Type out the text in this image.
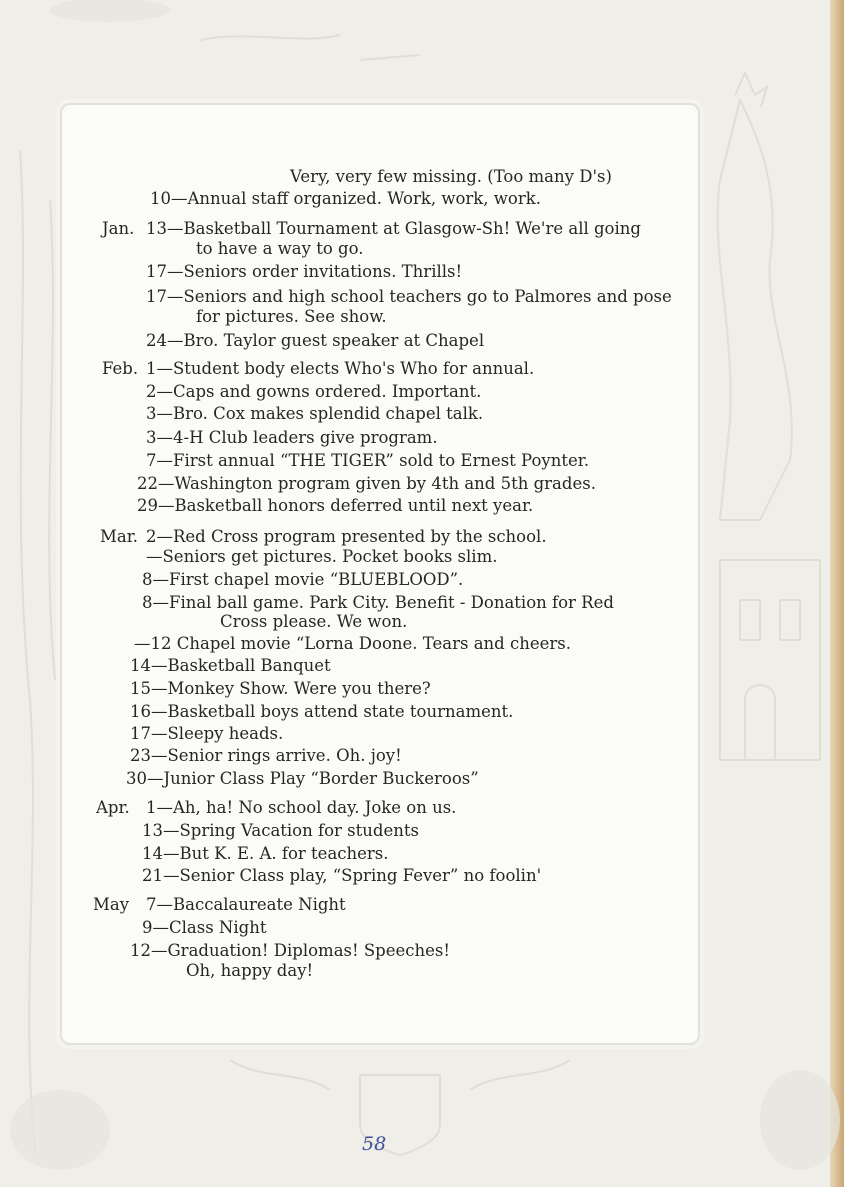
Very, very few missing. (Too many D's)
10—Annual staff organized. Work, work, work.
Jan. 13—Basketball Tournament at Glasgow-Sh! We're all going
to have a way to go.
17—Seniors order invitations. Thrills!
17—Seniors and high school teachers go to Palmores and pose
for pictures. See show.
24—Bro. Taylor guest speaker at Chapel
Feb. 1—Student body elects Who's Who for annual.
2—Caps and gowns ordered. Important.
3—Bro. Cox makes splendid chapel talk.
3—4-H Club leaders give program.
7—First annual “THE TIGER” sold to Ernest Poynter.
22—Washington program given by 4th and 5th grades.
29—Basketball honors deferred until next year.
Mar. 2—Red Cross program presented by the school.
—Seniors get pictures. Pocket books slim.
8—First chapel movie “BLUEBLOOD”.
8—Final ball game. Park City. Benefit - Donation for Red
Cross please. We won.
—12 Chapel movie “Lorna Doone. Tears and cheers.
14—Basketball Banquet
15—Monkey Show. Were you there?
16—Basketball boys attend state tournament.
17—Sleepy heads.
23—Senior rings arrive. Oh. joy!
30—Junior Class Play “Border Buckeroos”
Apr. 1—Ah, ha! No school day. Joke on us.
13—Spring Vacation for students
14—But K. E. A. for teachers.
21—Senior Class play, “Spring Fever” no foolin'
May 7—Baccalaureate Night
9—Class Night
12—Graduation! Diplomas! Speeches!
Oh, happy day!
58
